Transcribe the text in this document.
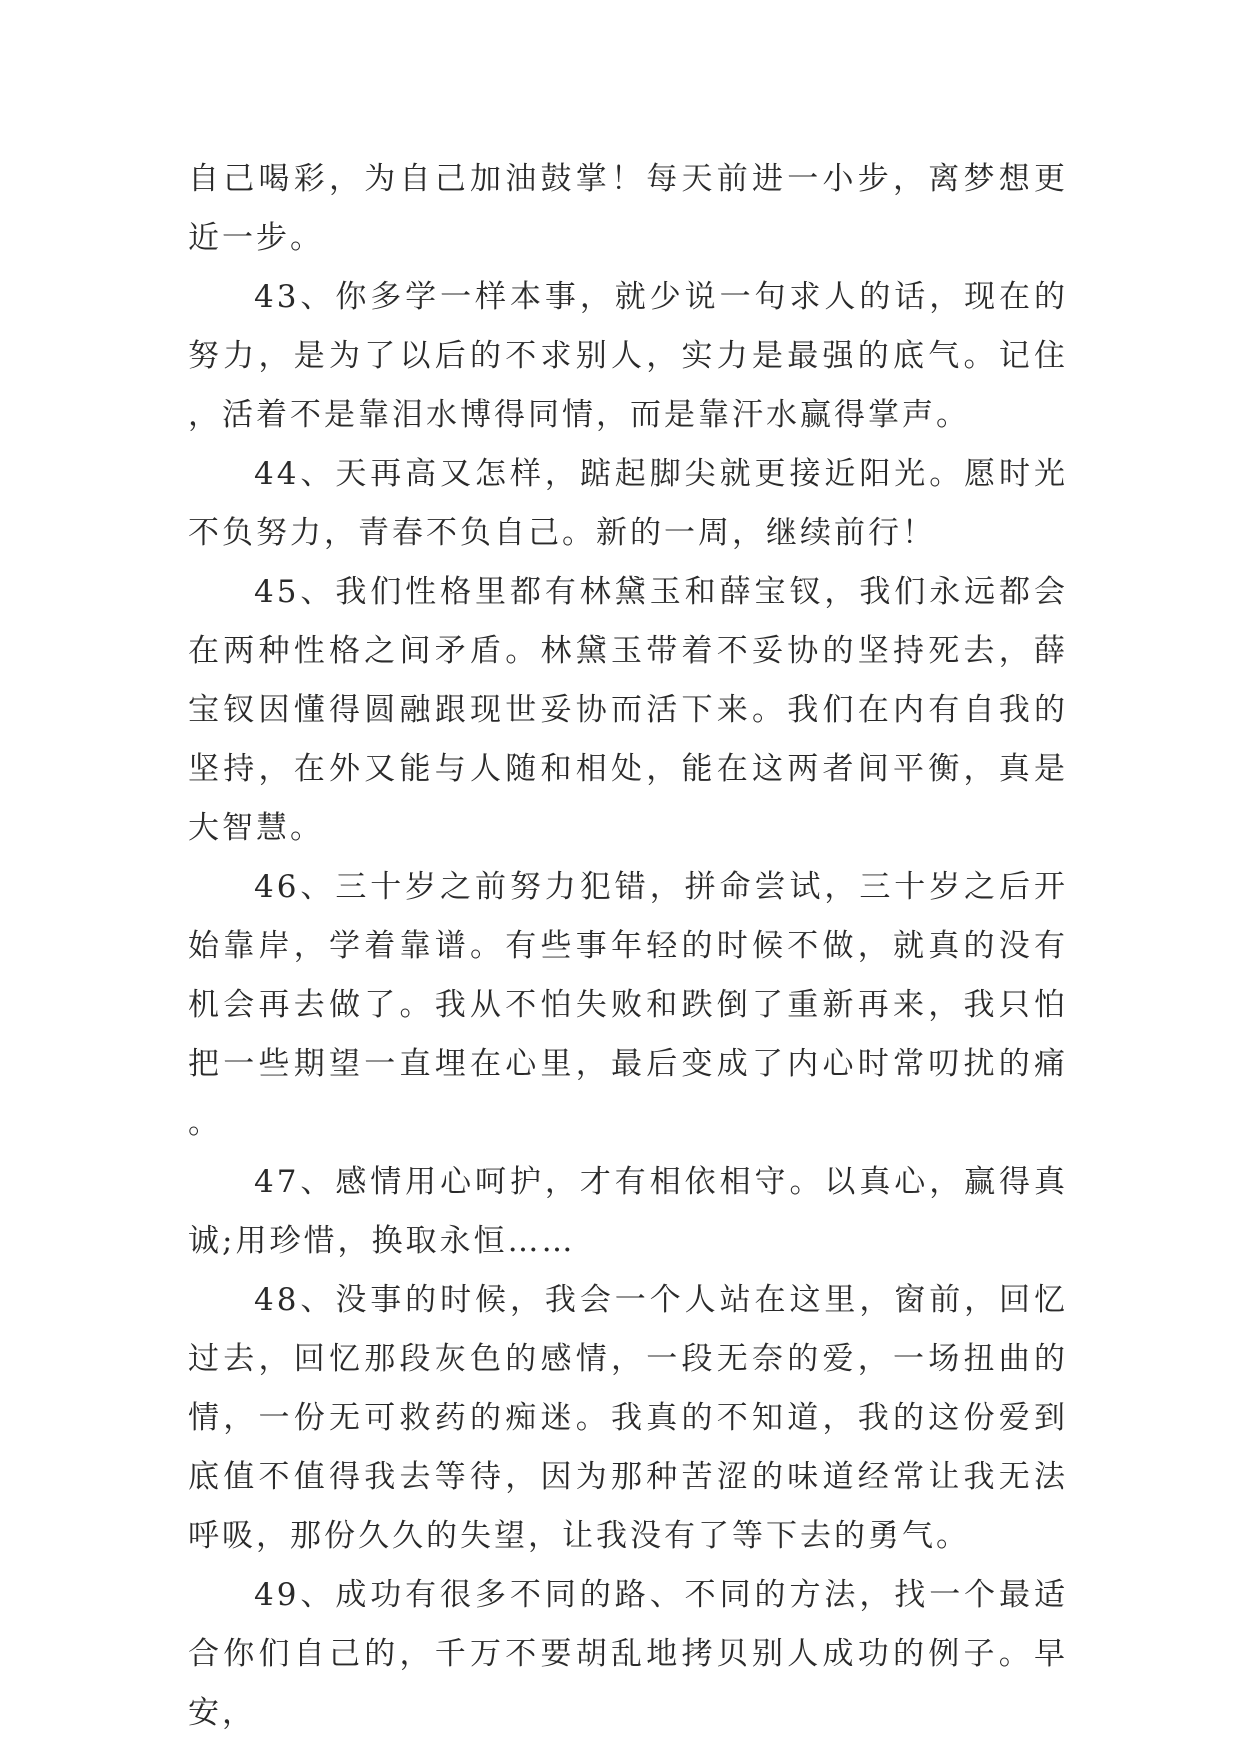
自己喝彩，为自己加油鼓掌！每天前进一小步，离梦想更近一步。

43、你多学一样本事，就少说一句求人的话，现在的努力，是为了以后的不求别人，实力是最强的底气。记住，活着不是靠泪水博得同情，而是靠汗水赢得掌声。

44、天再高又怎样，踮起脚尖就更接近阳光。愿时光不负努力，青春不负自己。新的一周，继续前行！

45、我们性格里都有林黛玉和薛宝钗，我们永远都会在两种性格之间矛盾。林黛玉带着不妥协的坚持死去，薛宝钗因懂得圆融跟现世妥协而活下来。我们在内有自我的坚持，在外又能与人随和相处，能在这两者间平衡，真是大智慧。

46、三十岁之前努力犯错，拼命尝试，三十岁之后开始靠岸，学着靠谱。有些事年轻的时候不做，就真的没有机会再去做了。我从不怕失败和跌倒了重新再来，我只怕把一些期望一直埋在心里，最后变成了内心时常叨扰的痛。

47、感情用心呵护，才有相依相守。以真心，赢得真诚;用珍惜，换取永恒……

48、没事的时候，我会一个人站在这里，窗前，回忆过去，回忆那段灰色的感情，一段无奈的爱，一场扭曲的情，一份无可救药的痴迷。我真的不知道，我的这份爱到底值不值得我去等待，因为那种苦涩的味道经常让我无法呼吸，那份久久的失望，让我没有了等下去的勇气。

49、成功有很多不同的路、不同的方法，找一个最适合你们自己的，千万不要胡乱地拷贝别人成功的例子。早安，
